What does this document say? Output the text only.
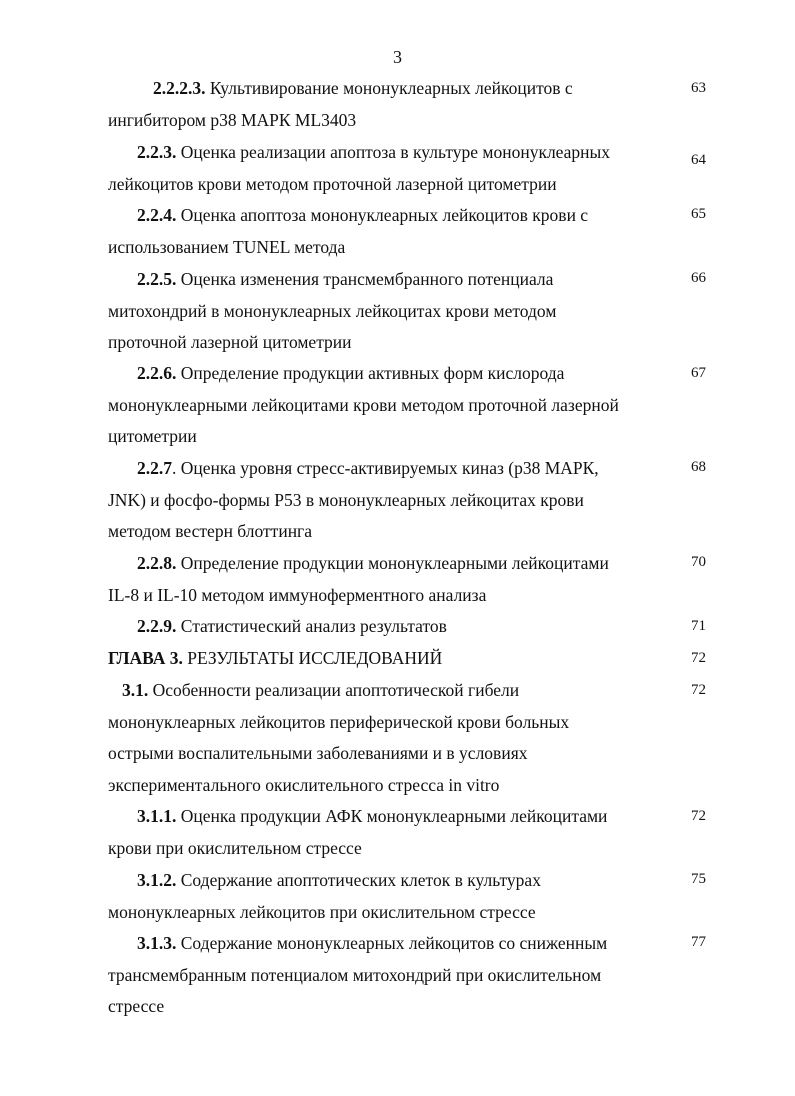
3
2.2.2.3. Культивирование мононуклеарных лейкоцитов с
ингибитором р38 МАРК ML3403
63
2.2.3. Оценка реализации апоптоза в культуре мононуклеарных
лейкоцитов крови методом проточной лазерной цитометрии
64
2.2.4. Оценка апоптоза мононуклеарных лейкоцитов крови с
использованием TUNEL метода
65
2.2.5. Оценка изменения трансмембранного потенциала
митохондрий в мононуклеарных лейкоцитах крови методом
проточной лазерной цитометрии
66
2.2.6. Определение продукции активных форм кислорода
мононуклеарными лейкоцитами крови методом проточной лазерной
цитометрии
67
2.2.7. Оценка уровня стресс-активируемых киназ (р38 МАРК,
JNK) и фосфо-формы Р53 в мононуклеарных лейкоцитах крови
методом вестерн блоттинга
68
2.2.8. Определение продукции мононуклеарными лейкоцитами
IL-8 и IL-10 методом иммуноферментного анализа
70
2.2.9. Статистический анализ результатов	71
ГЛАВА 3. РЕЗУЛЬТАТЫ ИССЛЕДОВАНИЙ	72
3.1. Особенности реализации апоптотической гибели
мононуклеарных лейкоцитов периферической крови больных
острыми воспалительными заболеваниями и в условиях
экспериментального окислительного стресса in vitro
72
3.1.1. Оценка продукции АФК мононуклеарными лейкоцитами
крови при окислительном стрессе
72
3.1.2. Содержание апоптотических клеток в культурах
мононуклеарных лейкоцитов при окислительном стрессе
75
3.1.3. Содержание мононуклеарных лейкоцитов со сниженным
трансмембранным потенциалом митохондрий при окислительном
стрессе
77
